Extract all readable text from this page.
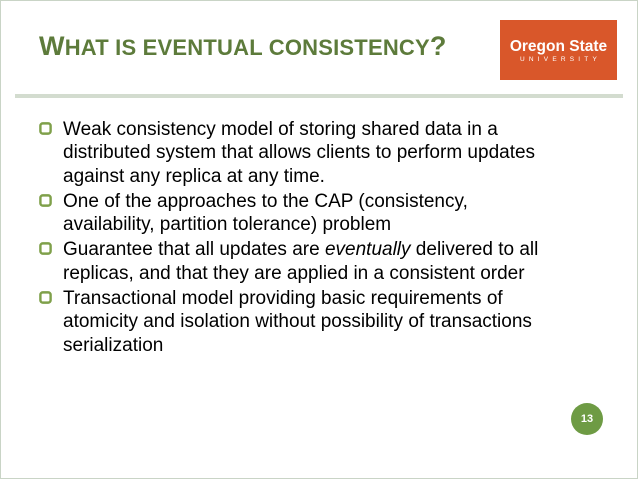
WHAT IS EVENTUAL CONSISTENCY?	Oregon State
UNIVERSITY
Weak consistency model of storing shared data in a distributed system that allows clients to perform updates against any replica at any time.
One of the approaches to the CAP (consistency, availability, partition tolerance) problem
Guarantee that all updates are eventually delivered to all replicas, and that they are applied in a consistent order
Transactional model providing basic requirements of atomicity and isolation without possibility of transactions serialization
13
